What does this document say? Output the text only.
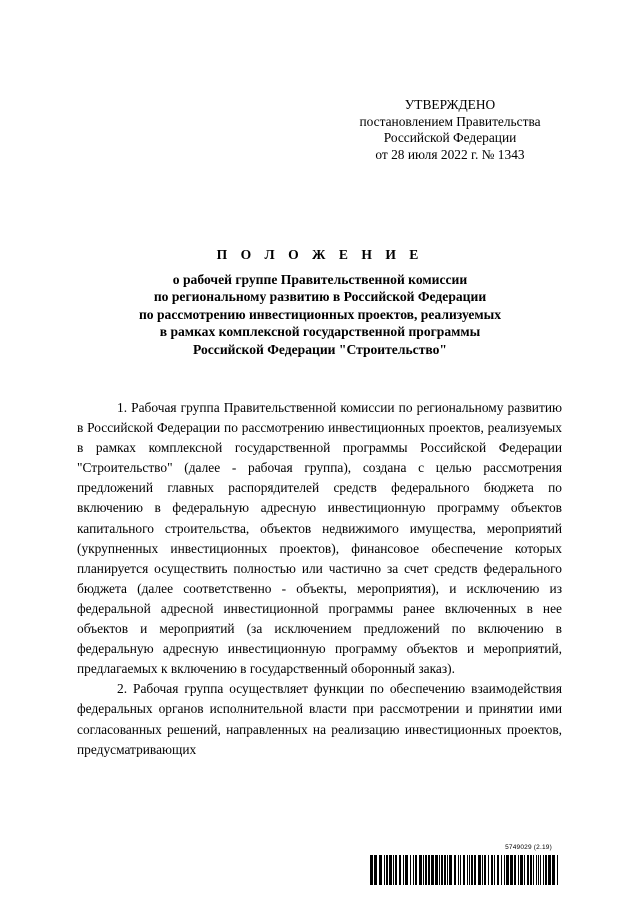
УТВЕРЖДЕНО
постановлением Правительства
Российской Федерации
от 28 июля 2022 г. № 1343
П О Л О Ж Е Н И Е
о рабочей группе Правительственной комиссии
по региональному развитию в Российской Федерации
по рассмотрению инвестиционных проектов, реализуемых
в рамках комплексной государственной программы
Российской Федерации "Строительство"

1. Рабочая группа Правительственной комиссии по региональному развитию в Российской Федерации по рассмотрению инвестиционных проектов, реализуемых в рамках комплексной государственной программы Российской Федерации "Строительство" (далее - рабочая группа), создана с целью рассмотрения предложений главных распорядителей средств федерального бюджета по включению в федеральную адресную инвестиционную программу объектов капитального строительства, объектов недвижимого имущества, мероприятий (укрупненных инвестиционных проектов), финансовое обеспечение которых планируется осуществить полностью или частично за счет средств федерального бюджета (далее соответственно - объекты, мероприятия), и исключению из федеральной адресной инвестиционной программы ранее включенных в нее объектов и мероприятий (за исключением предложений по включению в федеральную адресную инвестиционную программу объектов и мероприятий, предлагаемых к включению в государственный оборонный заказ).

2. Рабочая группа осуществляет функции по обеспечению взаимодействия федеральных органов исполнительной власти при рассмотрении и принятии ими согласованных решений, направленных на реализацию инвестиционных проектов, предусматривающих

5749029 (2.19)
